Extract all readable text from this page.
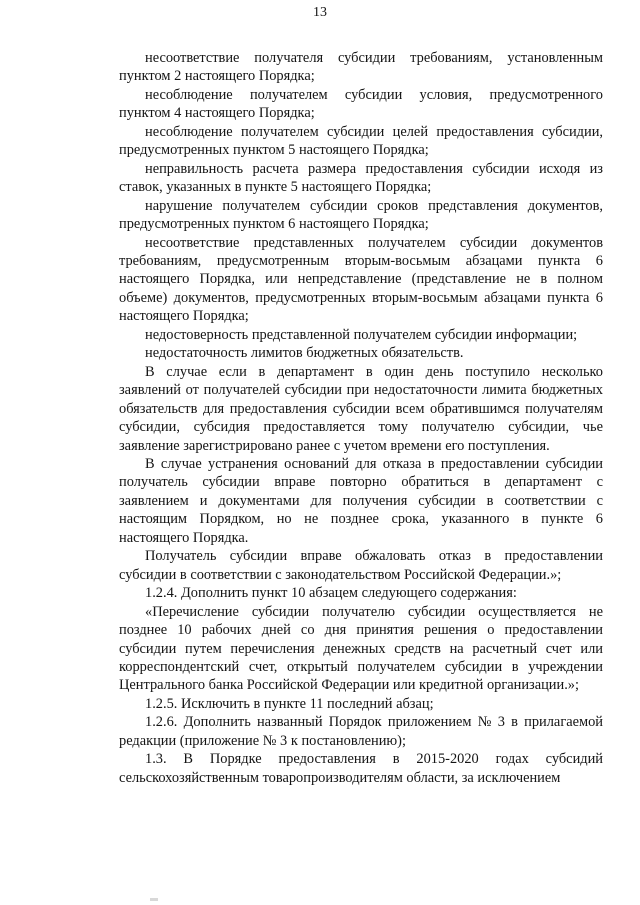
13
несоответствие получателя субсидии требованиям, установленным
пунктом 2 настоящего Порядка;
несоблюдение получателем субсидии условия, предусмотренного
пунктом 4 настоящего Порядка;
несоблюдение получателем субсидии целей предоставления субсидии,
предусмотренных пунктом 5 настоящего Порядка;
неправильность расчета размера предоставления субсидии исходя из
ставок, указанных в пункте 5 настоящего Порядка;
нарушение получателем субсидии сроков представления документов,
предусмотренных пунктом 6 настоящего Порядка;
несоответствие представленных получателем субсидии документов
требованиям, предусмотренным вторым-восьмым абзацами пункта 6
настоящего Порядка, или непредставление (представление не в полном
объеме) документов, предусмотренных вторым-восьмым абзацами пункта 6
настоящего Порядка;
недостоверность представленной получателем субсидии информации;
недостаточность лимитов бюджетных обязательств.
В случае если в департамент в один день поступило несколько
заявлений от получателей субсидии при недостаточности лимита бюджетных
обязательств для предоставления субсидии всем обратившимся получателям
субсидии, субсидия предоставляется тому получателю субсидии, чье
заявление зарегистрировано ранее с учетом времени его поступления.
В случае устранения оснований для отказа в предоставлении субсидии
получатель субсидии вправе повторно обратиться в департамент с
заявлением и документами для получения субсидии в соответствии с
настоящим Порядком, но не позднее срока, указанного в пункте 6
настоящего Порядка.
Получатель субсидии вправе обжаловать отказ в предоставлении
субсидии в соответствии с законодательством Российской Федерации.»;
1.2.4. Дополнить пункт 10 абзацем следующего содержания:
«Перечисление субсидии получателю субсидии осуществляется не
позднее 10 рабочих дней со дня принятия решения о предоставлении
субсидии путем перечисления денежных средств на расчетный счет или
корреспондентский счет, открытый получателем субсидии в учреждении
Центрального банка Российской Федерации или кредитной организации.»;
1.2.5. Исключить в пункте 11 последний абзац;
1.2.6. Дополнить названный Порядок приложением № 3 в прилагаемой
редакции (приложение № 3 к постановлению);
1.3. В Порядке предоставления в 2015-2020 годах субсидий
сельскохозяйственным товаропроизводителям области, за исключением
